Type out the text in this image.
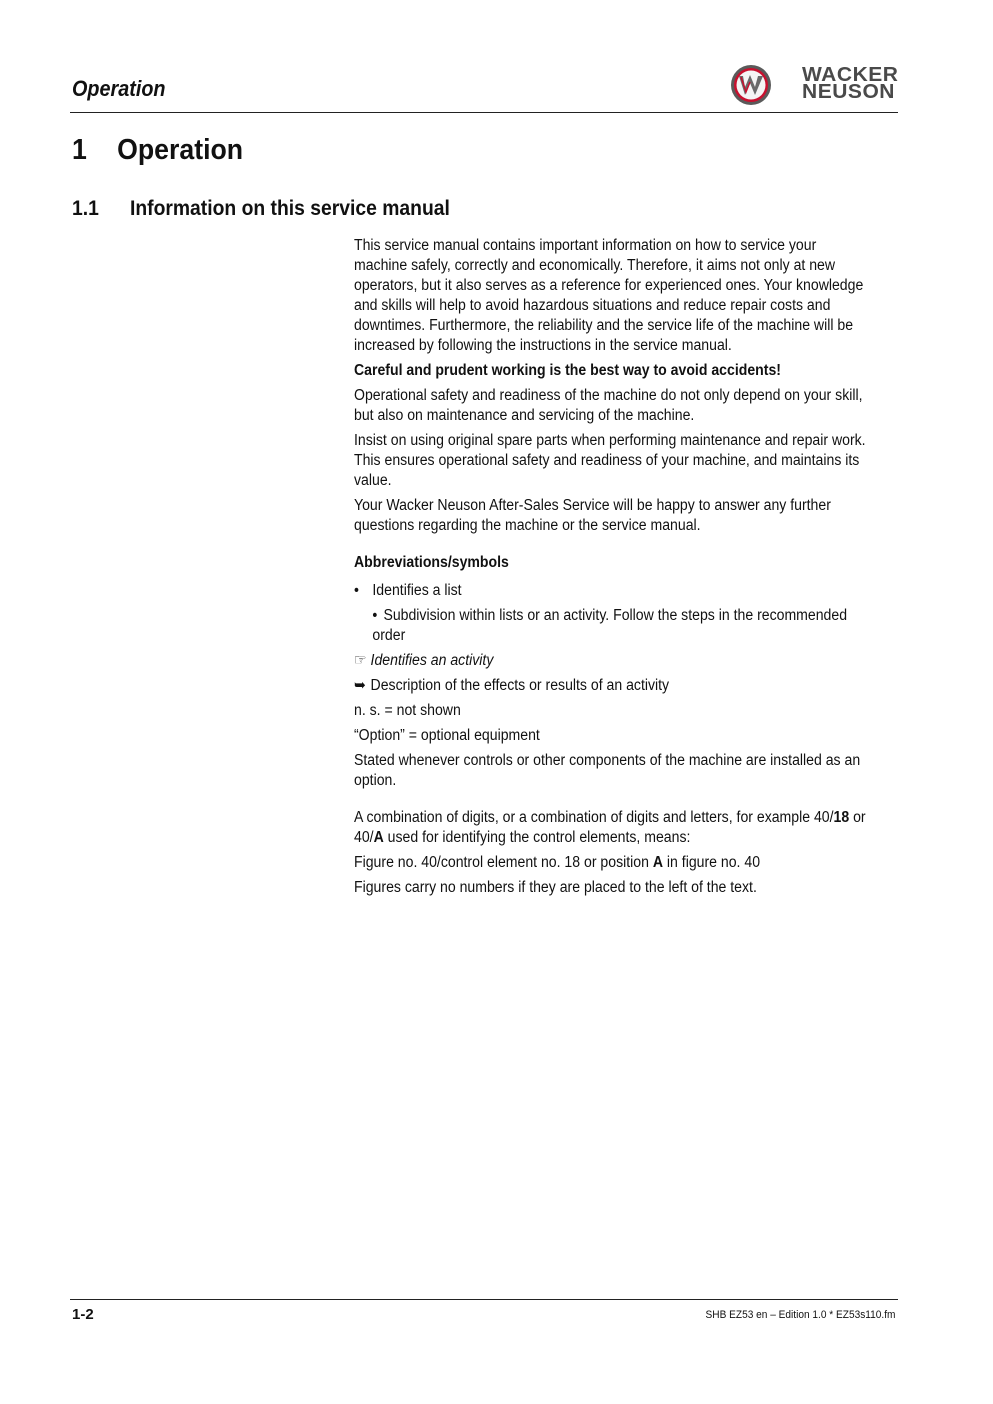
Operation
WACKER
NEUSON
1 Operation
1.1 Information on this service manual

This service manual contains important information on how to service your machine safely, correctly and economically. Therefore, it aims not only at new operators, but it also serves as a reference for experienced ones. Your knowledge and skills will help to avoid hazardous situations and reduce repair costs and downtimes. Furthermore, the reliability and the service life of the machine will be increased by following the instructions in the service manual.

Careful and prudent working is the best way to avoid accidents!

Operational safety and readiness of the machine do not only depend on your skill, but also on maintenance and servicing of the machine.

Insist on using original spare parts when performing maintenance and repair work. This ensures operational safety and readiness of your machine, and maintains its value.

Your Wacker Neuson After-Sales Service will be happy to answer any further questions regarding the machine or the service manual.

Abbreviations/symbols

• Identifies a list

• Subdivision within lists or an activity. Follow the steps in the recommended order

☞ Identifies an activity

➥ Description of the effects or results of an activity

n. s. = not shown

“Option” = optional equipment

Stated whenever controls or other components of the machine are installed as an option.

A combination of digits, or a combination of digits and letters, for example 40/18 or 40/A used for identifying the control elements, means:

Figure no. 40/control element no. 18 or position A in figure no. 40

Figures carry no numbers if they are placed to the left of the text.

1-2	SHB EZ53 en – Edition 1.0 * EZ53s110.fm
